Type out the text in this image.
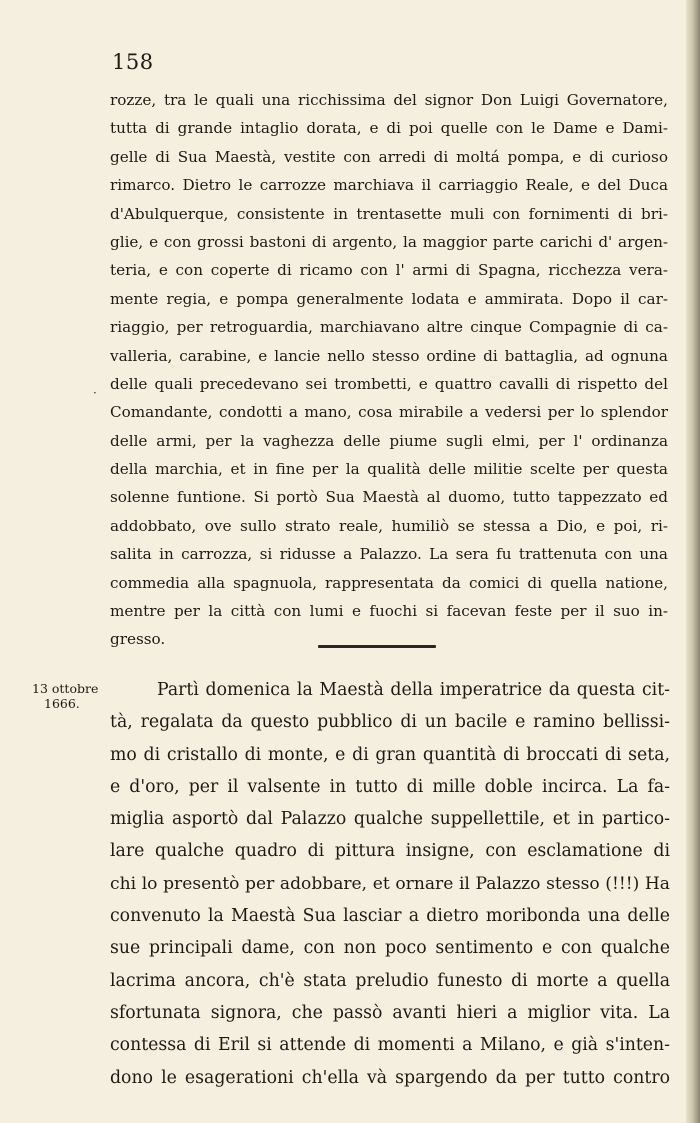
158
rozze, tra le quali una ricchissima del signor Don Luigi Governatore,
tutta di grande intaglio dorata, e di poi quelle con le Dame e Dami-
gelle di Sua Maestà, vestite con arredi di moltá pompa, e di curioso
rimarco. Dietro le carrozze marchiava il carriaggio Reale, e del Duca
d'Abulquerque, consistente in trentasette muli con fornimenti di bri-
glie, e con grossi bastoni di argento, la maggior parte carichi d' argen-
teria, e con coperte di ricamo con l' armi di Spagna, ricchezza vera-
mente regia, e pompa generalmente lodata e ammirata. Dopo il car-
riaggio, per retroguardia, marchiavano altre cinque Compagnie di ca-
valleria, carabine, e lancie nello stesso ordine di battaglia, ad ognuna
delle quali precedevano sei trombetti, e quattro cavalli di rispetto del
Comandante, condotti a mano, cosa mirabile a vedersi per lo splendor
delle armi, per la vaghezza delle piume sugli elmi, per l' ordinanza
della marchia, et in fine per la qualità delle militie scelte per questa
solenne funtione. Si portò Sua Maestà al duomo, tutto tappezzato ed
addobbato, ove sullo strato reale, humiliò se stessa a Dio, e poi, ri-
salita in carrozza, si ridusse a Palazzo. La sera fu trattenuta con una
commedia alla spagnuola, rappresentata da comici di quella natione,
mentre per la città con lumi e fuochi si facevan feste per il suo in-
gresso.
·
13 ottobre
1666.
Partì domenica la Maestà della imperatrice da questa cit-
tà, regalata da questo pubblico di un bacile e ramino bellissi-
mo di cristallo di monte, e di gran quantità di broccati di seta,
e d'oro, per il valsente in tutto di mille doble incirca. La fa-
miglia asportò dal Palazzo qualche suppellettile, et in partico-
lare qualche quadro di pittura insigne, con esclamatione di
chi lo presentò per adobbare, et ornare il Palazzo stesso (!!!) Ha
convenuto la Maestà Sua lasciar a dietro moribonda una delle
sue principali dame, con non poco sentimento e con qualche
lacrima ancora, ch'è stata preludio funesto di morte a quella
sfortunata signora, che passò avanti hieri a miglior vita. La
contessa di Eril si attende di momenti a Milano, e già s'inten-
dono le esagerationi ch'ella và spargendo da per tutto contro
